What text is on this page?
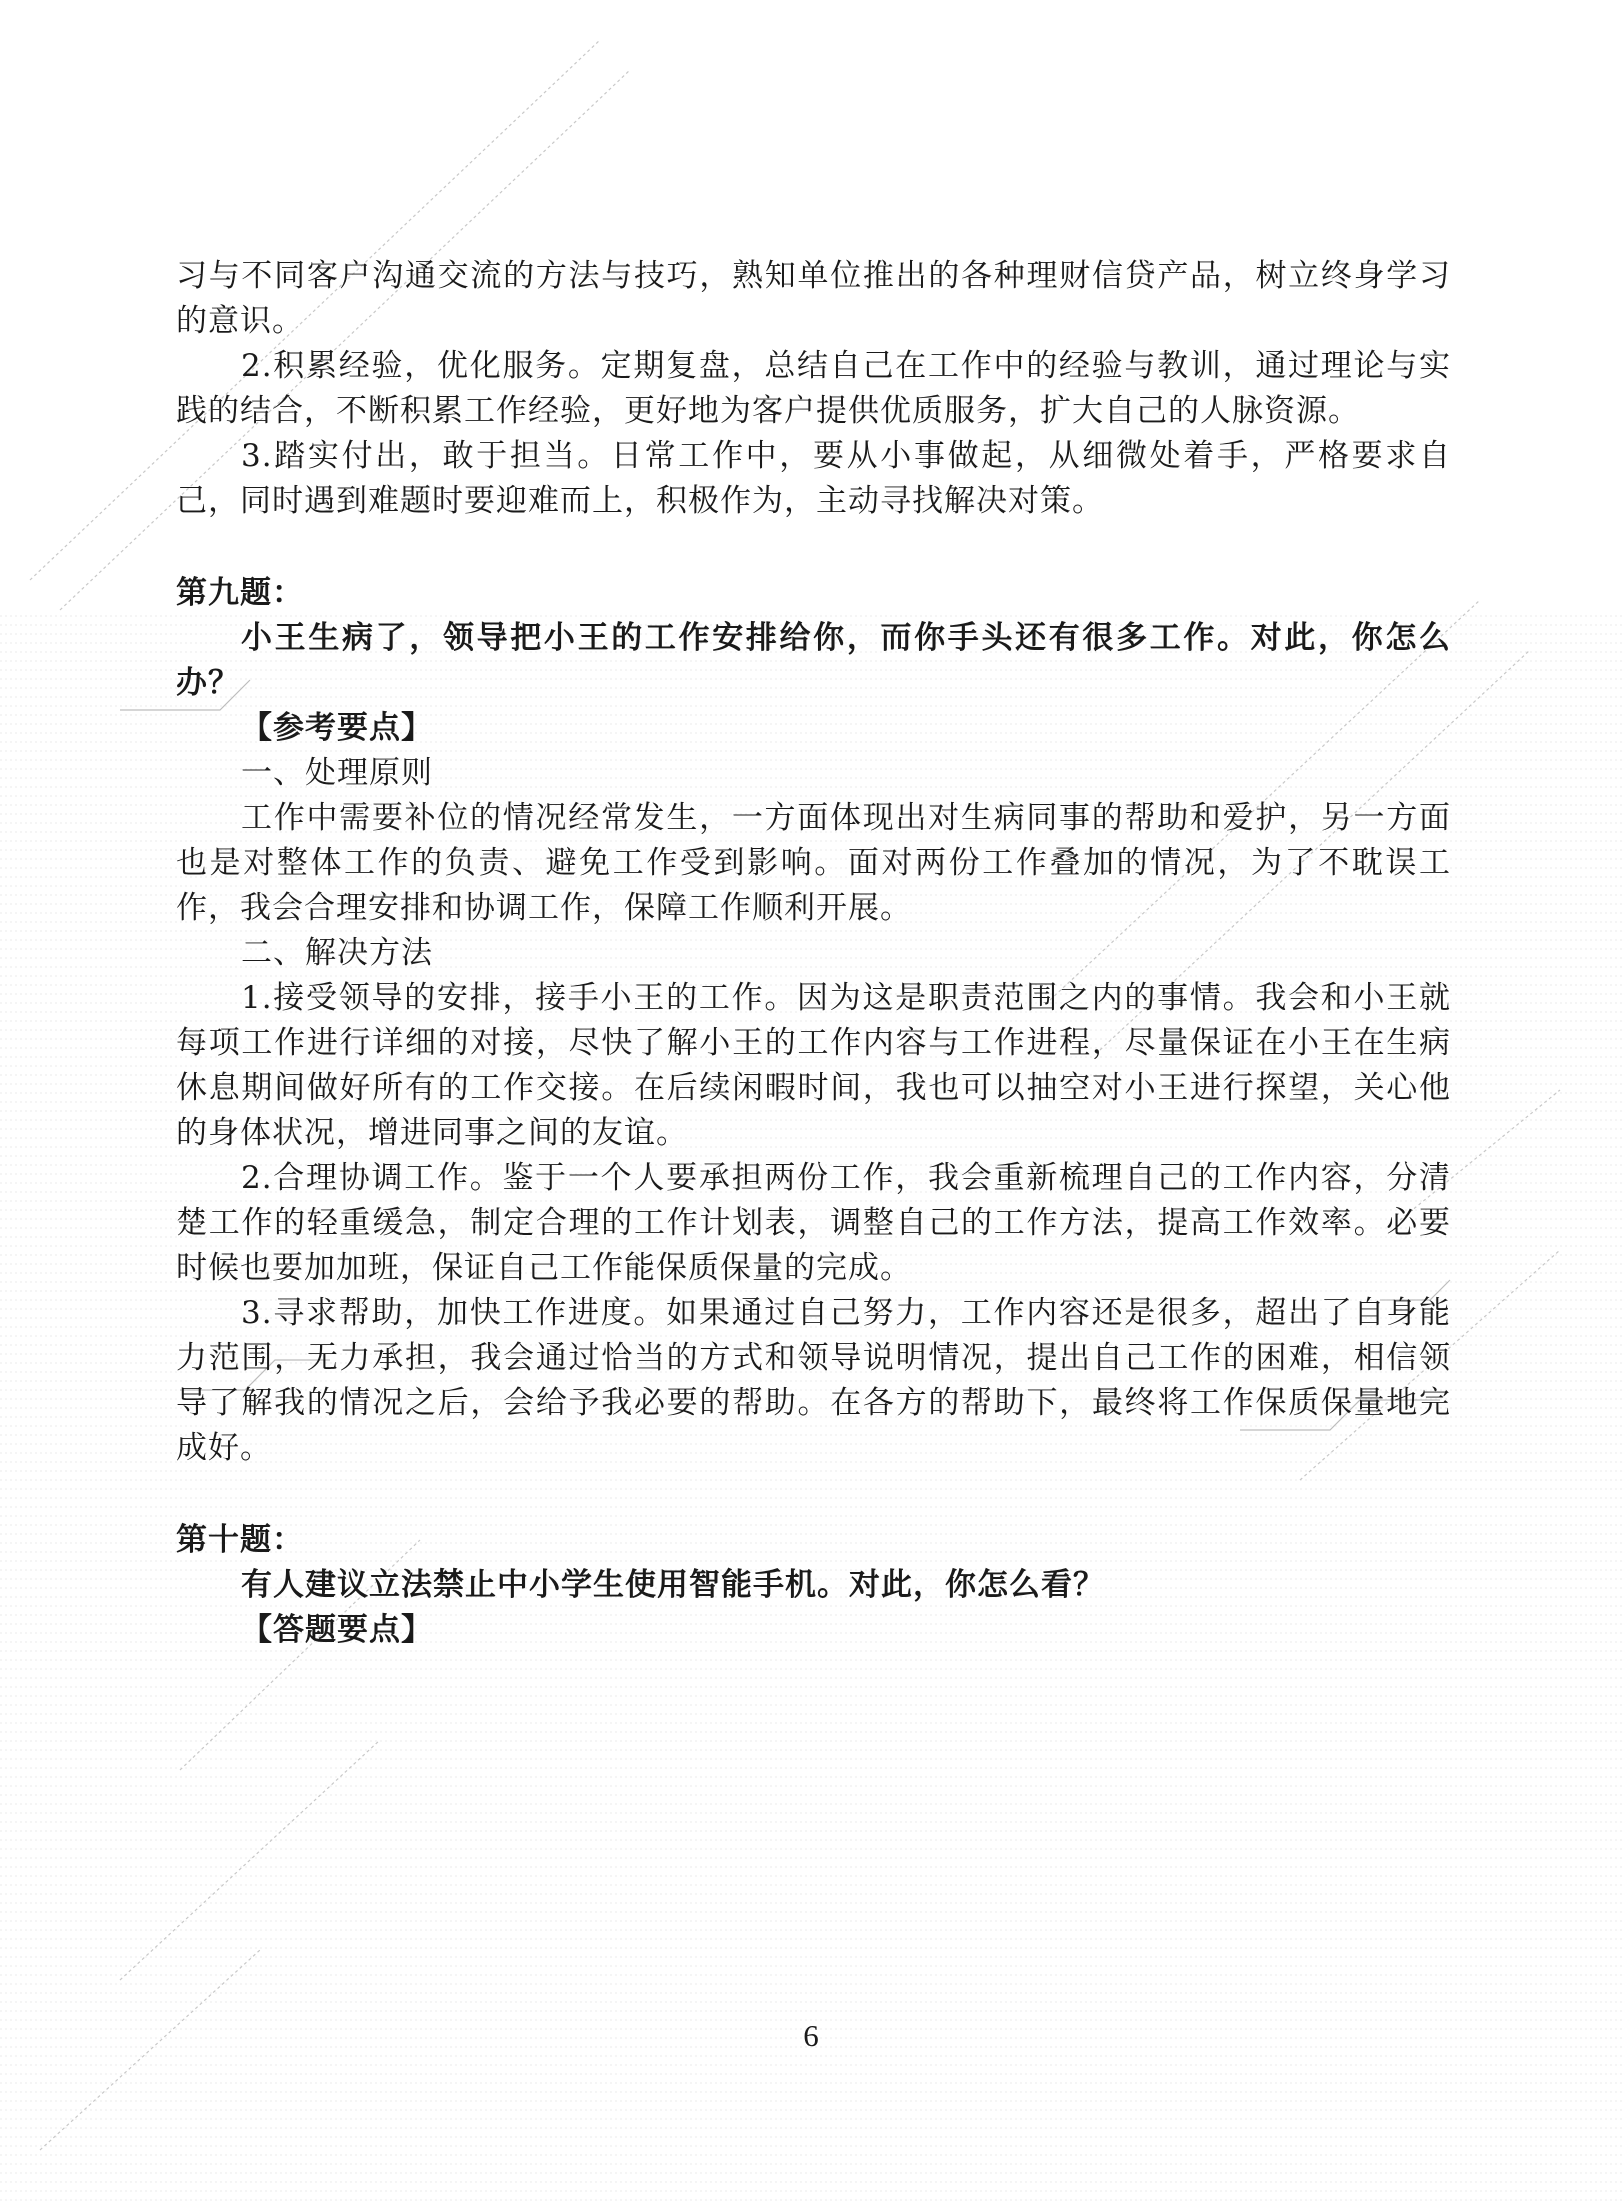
习与不同客户沟通交流的方法与技巧，熟知单位推出的各种理财信贷产品，树立终身学习的意识。

2.积累经验，优化服务。定期复盘，总结自己在工作中的经验与教训，通过理论与实践的结合，不断积累工作经验，更好地为客户提供优质服务，扩大自己的人脉资源。

3.踏实付出，敢于担当。日常工作中，要从小事做起，从细微处着手，严格要求自己，同时遇到难题时要迎难而上，积极作为，主动寻找解决对策。

第九题：

小王生病了，领导把小王的工作安排给你，而你手头还有很多工作。对此，你怎么办？

【参考要点】

一、处理原则

工作中需要补位的情况经常发生，一方面体现出对生病同事的帮助和爱护，另一方面也是对整体工作的负责、避免工作受到影响。面对两份工作叠加的情况，为了不耽误工作，我会合理安排和协调工作，保障工作顺利开展。

二、解决方法

1.接受领导的安排，接手小王的工作。因为这是职责范围之内的事情。我会和小王就每项工作进行详细的对接，尽快了解小王的工作内容与工作进程，尽量保证在小王在生病休息期间做好所有的工作交接。在后续闲暇时间，我也可以抽空对小王进行探望，关心他的身体状况，增进同事之间的友谊。

2.合理协调工作。鉴于一个人要承担两份工作，我会重新梳理自己的工作内容，分清楚工作的轻重缓急，制定合理的工作计划表，调整自己的工作方法，提高工作效率。必要时候也要加加班，保证自己工作能保质保量的完成。

3.寻求帮助，加快工作进度。如果通过自己努力，工作内容还是很多，超出了自身能力范围，无力承担，我会通过恰当的方式和领导说明情况，提出自己工作的困难，相信领导了解我的情况之后，会给予我必要的帮助。在各方的帮助下，最终将工作保质保量地完成好。

第十题：

有人建议立法禁止中小学生使用智能手机。对此，你怎么看？

【答题要点】

6
